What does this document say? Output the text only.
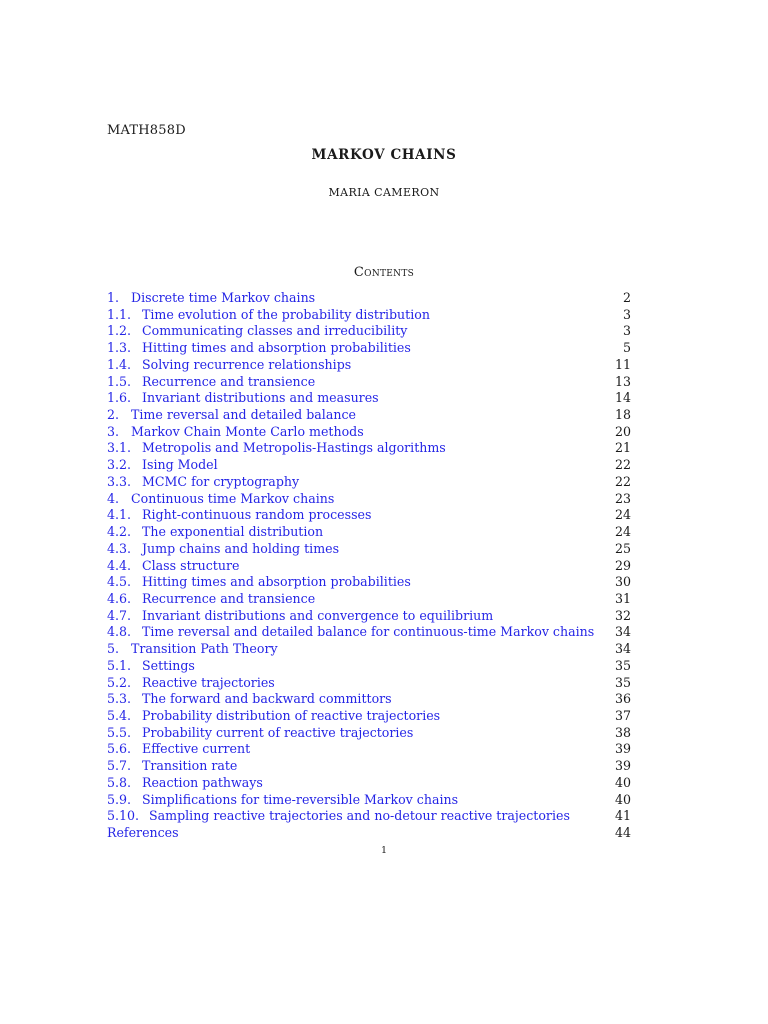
MATH858D
MARKOV CHAINS
MARIA CAMERON
Contents
1. Discrete time Markov chains	2
1.1. Time evolution of the probability distribution	3
1.2. Communicating classes and irreducibility	3
1.3. Hitting times and absorption probabilities	5
1.4. Solving recurrence relationships	11
1.5. Recurrence and transience	13
1.6. Invariant distributions and measures	14
2. Time reversal and detailed balance	18
3. Markov Chain Monte Carlo methods	20
3.1. Metropolis and Metropolis-Hastings algorithms	21
3.2. Ising Model	22
3.3. MCMC for cryptography	22
4. Continuous time Markov chains	23
4.1. Right-continuous random processes	24
4.2. The exponential distribution	24
4.3. Jump chains and holding times	25
4.4. Class structure	29
4.5. Hitting times and absorption probabilities	30
4.6. Recurrence and transience	31
4.7. Invariant distributions and convergence to equilibrium	32
4.8. Time reversal and detailed balance for continuous-time Markov chains 34
5. Transition Path Theory	34
5.1. Settings	35
5.2. Reactive trajectories	35
5.3. The forward and backward committors	36
5.4. Probability distribution of reactive trajectories	37
5.5. Probability current of reactive trajectories	38
5.6. Effective current	39
5.7. Transition rate	39
5.8. Reaction pathways	40
5.9. Simplifications for time-reversible Markov chains	40
5.10. Sampling reactive trajectories and no-detour reactive trajectories	41
References	44
1
